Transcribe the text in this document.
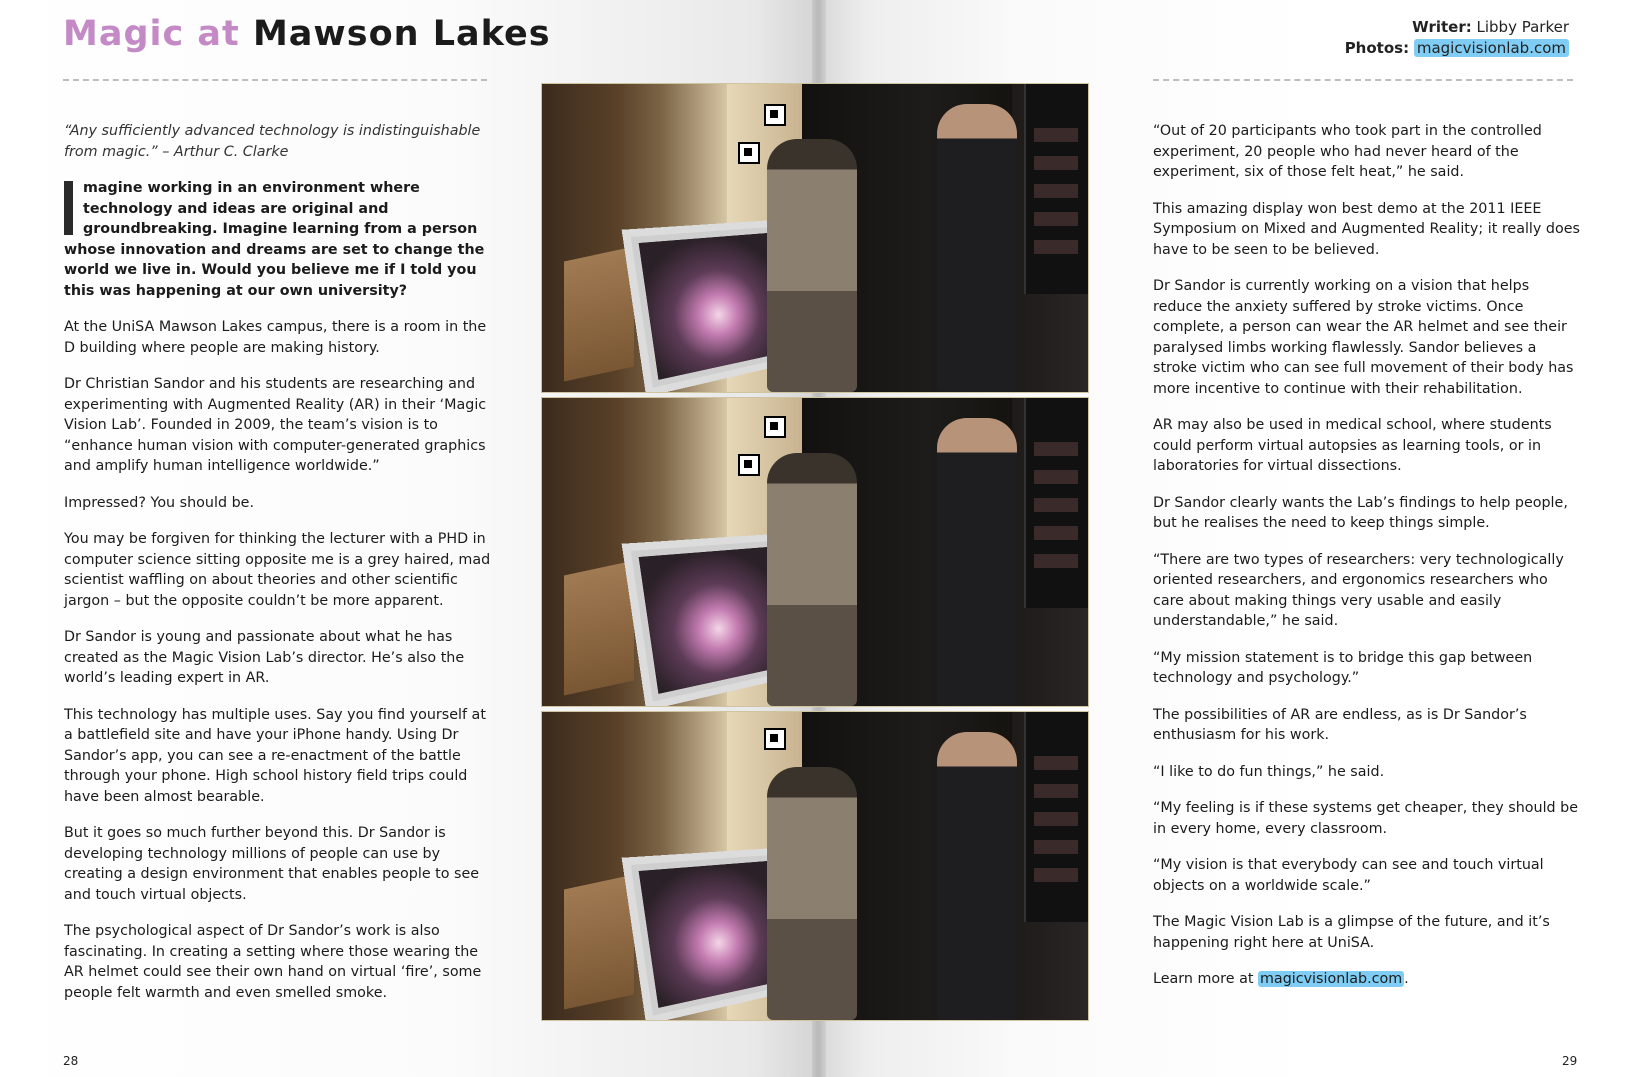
Magic at Mawson Lakes	Writer: Libby Parker
Photos: magicvisionlab.com

“Any sufficiently advanced technology is indistinguishable from magic.” – Arthur C. Clarke

magine working in an environment where technology and ideas are original and groundbreaking. Imagine learning from a person whose innovation and dreams are set to change the world we live in. Would you believe me if I told you this was happening at our own university?

At the UniSA Mawson Lakes campus, there is a room in the D building where people are making history.

Dr Christian Sandor and his students are researching and experimenting with Augmented Reality (AR) in their ‘Magic Vision Lab’. Founded in 2009, the team’s vision is to “enhance human vision with computer-generated graphics and amplify human intelligence worldwide.”

Impressed? You should be.

You may be forgiven for thinking the lecturer with a PHD in computer science sitting opposite me is a grey haired, mad scientist waffling on about theories and other scientific jargon – but the opposite couldn’t be more apparent.

Dr Sandor is young and passionate about what he has created as the Magic Vision Lab’s director. He’s also the world’s leading expert in AR.

This technology has multiple uses. Say you find yourself at a battlefield site and have your iPhone handy. Using Dr Sandor’s app, you can see a re-enactment of the battle through your phone. High school history field trips could have been almost bearable.

But it goes so much further beyond this. Dr Sandor is developing technology millions of people can use by creating a design environment that enables people to see and touch virtual objects.

The psychological aspect of Dr Sandor’s work is also fascinating. In creating a setting where those wearing the AR helmet could see their own hand on virtual ‘fire’, some people felt warmth and even smelled smoke.

“Out of 20 participants who took part in the controlled experiment, 20 people who had never heard of the experiment, six of those felt heat,” he said.

This amazing display won best demo at the 2011 IEEE Symposium on Mixed and Augmented Reality; it really does have to be seen to be believed.

Dr Sandor is currently working on a vision that helps reduce the anxiety suffered by stroke victims. Once complete, a person can wear the AR helmet and see their paralysed limbs working flawlessly. Sandor believes a stroke victim who can see full movement of their body has more incentive to continue with their rehabilitation.

AR may also be used in medical school, where students could perform virtual autopsies as learning tools, or in laboratories for virtual dissections.

Dr Sandor clearly wants the Lab’s findings to help people, but he realises the need to keep things simple.

“There are two types of researchers: very technologically oriented researchers, and ergonomics researchers who care about making things very usable and easily understandable,” he said.

“My mission statement is to bridge this gap between technology and psychology.”

The possibilities of AR are endless, as is Dr Sandor’s enthusiasm for his work.

“I like to do fun things,” he said.

“My feeling is if these systems get cheaper, they should be in every home, every classroom.

“My vision is that everybody can see and touch virtual objects on a worldwide scale.”

The Magic Vision Lab is a glimpse of the future, and it’s happening right here at UniSA.

Learn more at magicvisionlab.com .

28	29
